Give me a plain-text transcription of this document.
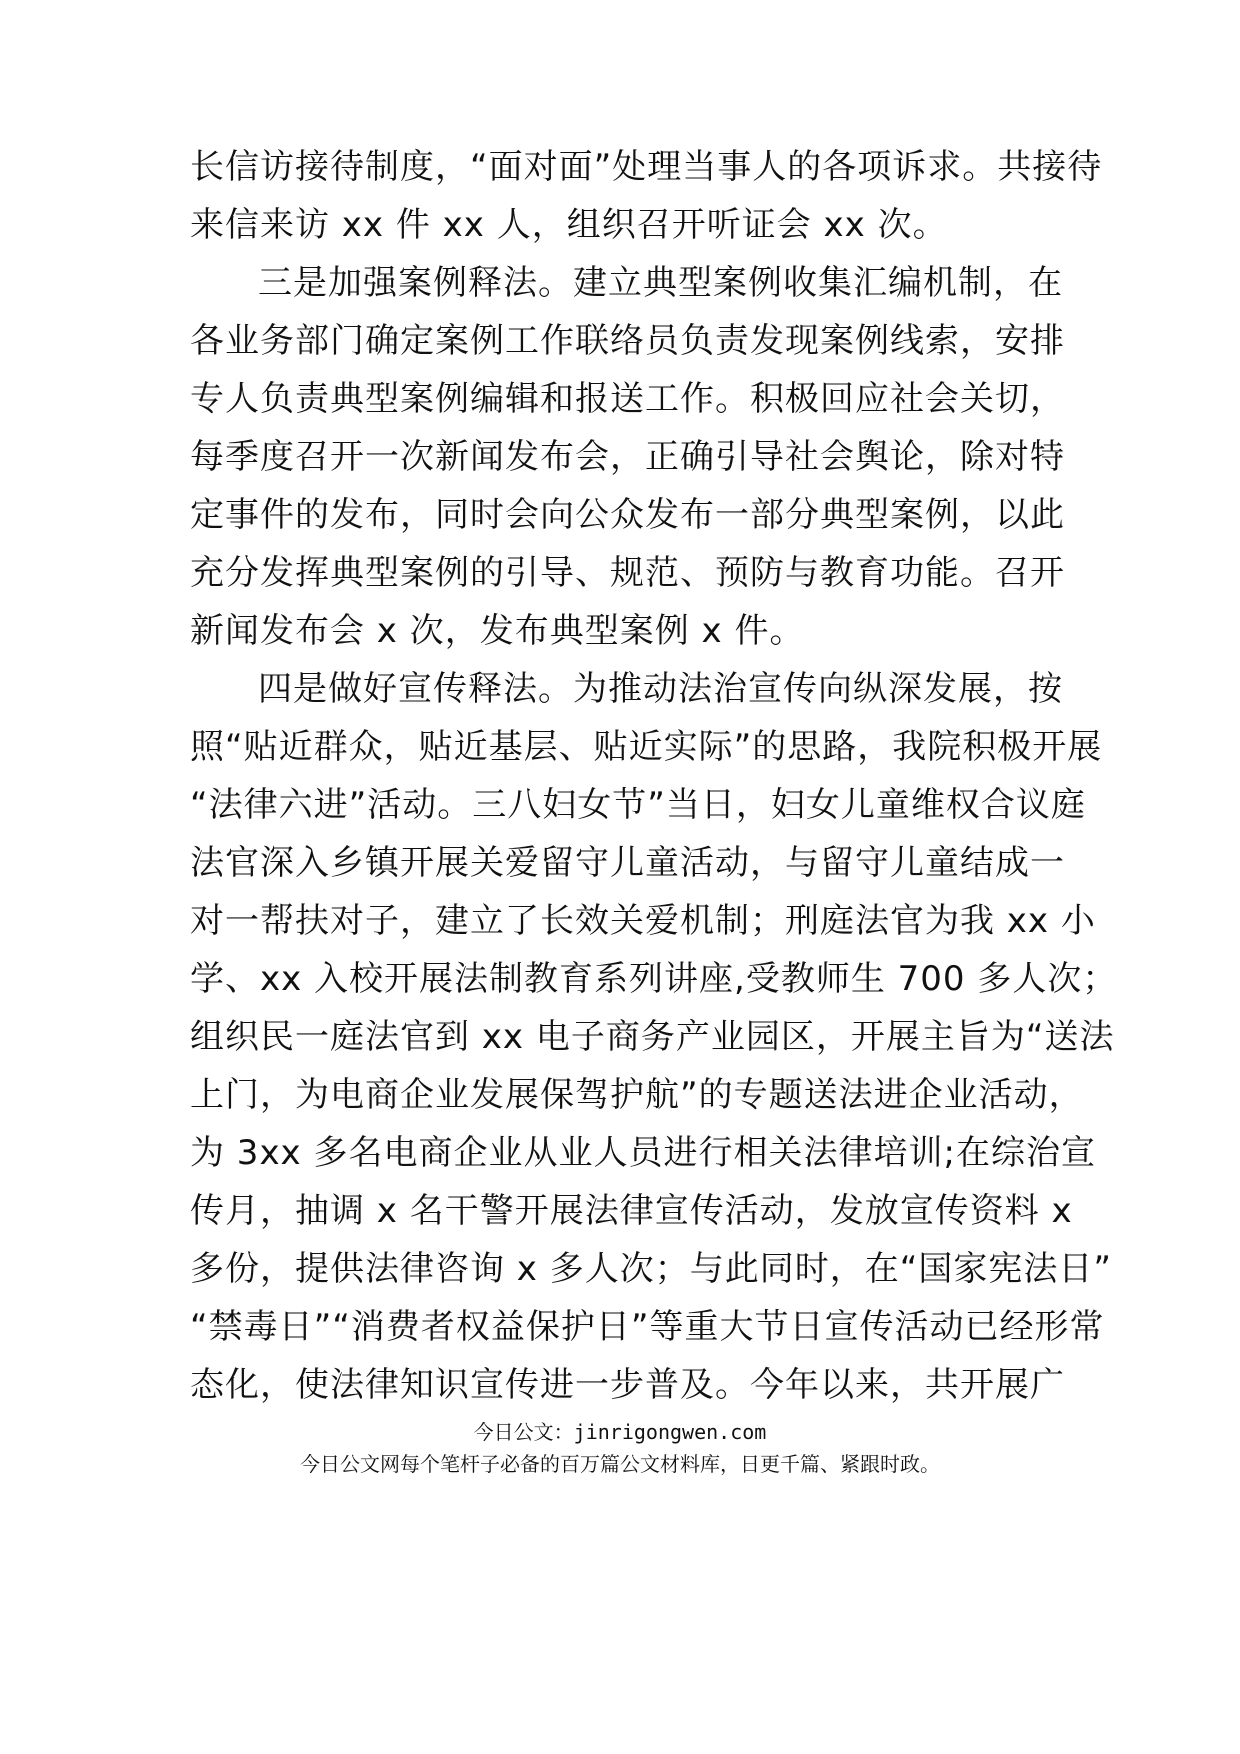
长信访接待制度，“面对面”处理当事人的各项诉求。共接待
来信来访 xx 件 xx 人，组织召开听证会 xx 次。
三是加强案例释法。建立典型案例收集汇编机制，在
各业务部门确定案例工作联络员负责发现案例线索，安排
专人负责典型案例编辑和报送工作。积极回应社会关切，
每季度召开一次新闻发布会，正确引导社会舆论，除对特
定事件的发布，同时会向公众发布一部分典型案例，以此
充分发挥典型案例的引导、规范、预防与教育功能。召开
新闻发布会 x 次，发布典型案例 x 件。
四是做好宣传释法。为推动法治宣传向纵深发展，按
照“贴近群众，贴近基层、贴近实际”的思路，我院积极开展
“法律六进”活动。三八妇女节”当日，妇女儿童维权合议庭
法官深入乡镇开展关爱留守儿童活动，与留守儿童结成一
对一帮扶对子，建立了长效关爱机制；刑庭法官为我 xx 小
学、xx 入校开展法制教育系列讲座,受教师生 700 多人次；
组织民一庭法官到 xx 电子商务产业园区，开展主旨为“送法
上门，为电商企业发展保驾护航”的专题送法进企业活动，
为 3xx 多名电商企业从业人员进行相关法律培训;在综治宣
传月，抽调 x 名干警开展法律宣传活动，发放宣传资料 x
多份，提供法律咨询 x 多人次；与此同时，在“国家宪法日”
“禁毒日”“消费者权益保护日”等重大节日宣传活动已经形常
态化，使法律知识宣传进一步普及。今年以来，共开展广
今日公文：jinrigongwen.com
今日公文网每个笔杆子必备的百万篇公文材料库，日更千篇、紧跟时政。
